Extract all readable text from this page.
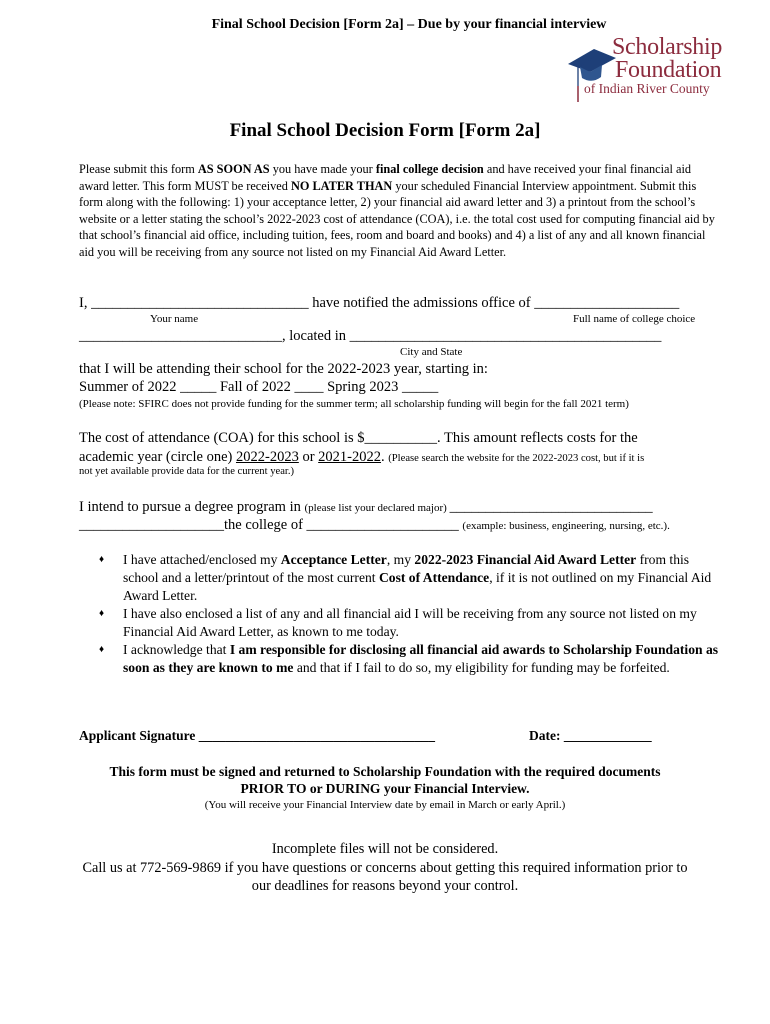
Final School Decision [Form 2a] – Due by your financial interview
Scholarship
Foundation
of Indian River County
Final School Decision Form [Form 2a]
Please submit this form AS SOON AS you have made your final college decision and have received your final financial aid award letter. This form MUST be received NO LATER THAN your scheduled Financial Interview appointment. Submit this form along with the following: 1) your acceptance letter, 2) your financial aid award letter and 3) a printout from the school’s website or a letter stating the school’s 2022-2023 cost of attendance (COA), i.e. the total cost used for computing financial aid by that school’s financial aid office, including tuition, fees, room and board and books) and 4) a list of any and all known financial aid you will be receiving from any source not listed on my Financial Aid Award Letter.
I, ______________________________ have notified the admissions office of ____________________
Your name	Full name of college choice
____________________________, located in ___________________________________________
City and State
that I will be attending their school for the 2022-2023 year, starting in:
Summer of 2022 _____ Fall of 2022 ____ Spring 2023 _____
(Please note: SFIRC does not provide funding for the summer term; all scholarship funding will begin for the fall 2021 term)
The cost of attendance (COA) for this school is $__________. This amount reflects costs for the
academic year (circle one) 2022-2023 or 2021-2022. (Please search the website for the 2022-2023 cost, but if it is
not yet available provide data for the current year.)
I intend to pursue a degree program in (please list your declared major) ____________________________
____________________the college of _____________________ (example: business, engineering, nursing, etc.).
♦ I have attached/enclosed my Acceptance Letter, my 2022-2023 Financial Aid Award Letter from this school and a letter/printout of the most current Cost of Attendance, if it is not outlined on my Financial Aid Award Letter.
♦ I have also enclosed a list of any and all financial aid I will be receiving from any source not listed on my Financial Aid Award Letter, as known to me today.
♦ I acknowledge that I am responsible for disclosing all financial aid awards to Scholarship Foundation as soon as they are known to me and that if I fail to do so, my eligibility for funding may be forfeited.
Applicant Signature ___________________________________	Date: _____________
This form must be signed and returned to Scholarship Foundation with the required documents
PRIOR TO or DURING your Financial Interview.
(You will receive your Financial Interview date by email in March or early April.)
Incomplete files will not be considered.
Call us at 772-569-9869 if you have questions or concerns about getting this required information prior to
our deadlines for reasons beyond your control.
